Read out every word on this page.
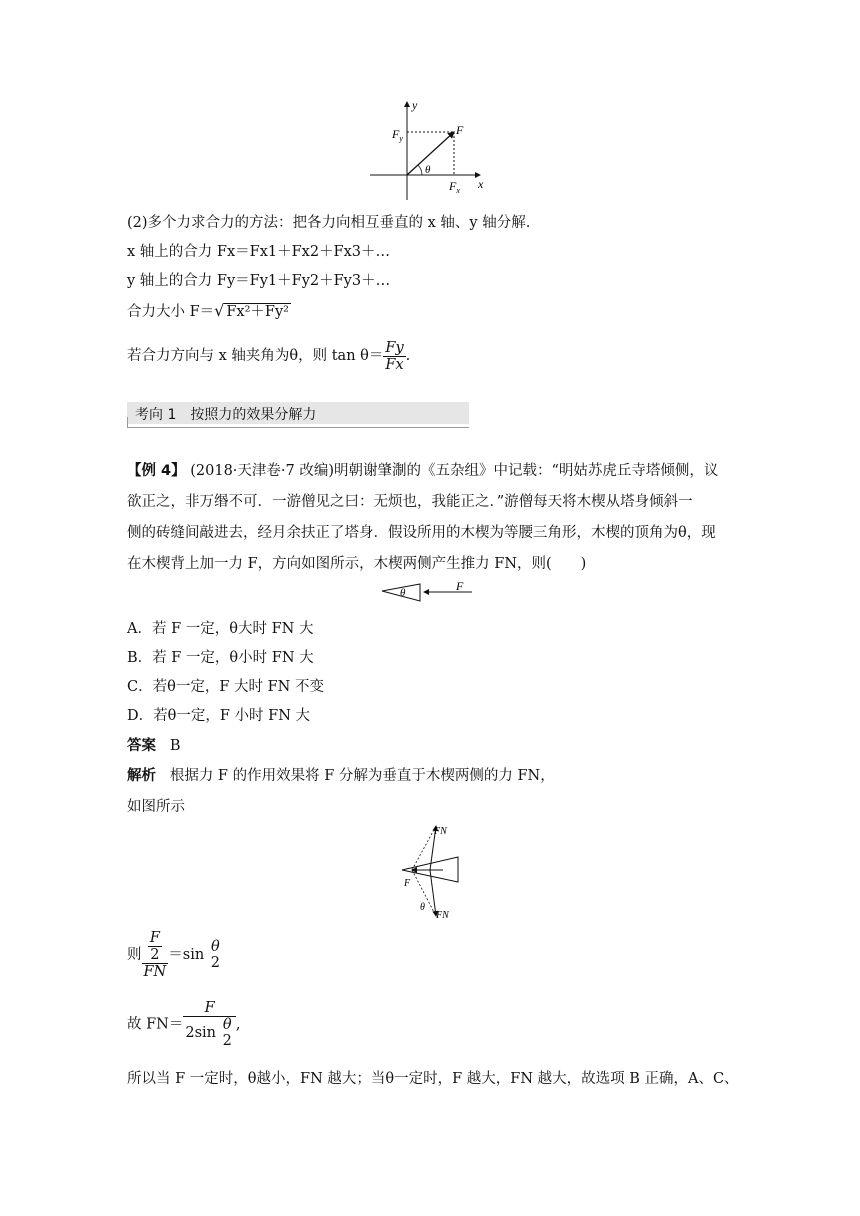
y
x
F
$F_y$
$F_x$
θ
(2)多个力求合力的方法：把各力向相互垂直的 x 轴、y 轴分解.
x 轴上的合力 Fx＝Fx1＋Fx2＋Fx3＋…
y 轴上的合力 Fy＝Fy1＋Fy2＋Fy3＋…
合力大小 F＝√ Fx²＋Fy²
若合力方向与 x 轴夹角为θ，则 $\tan \theta= \frac{Fy}{Fx}$ .
考向 1　按照力的效果分解力
【例 4】 (2018·天津卷·7 改编)明朝谢肇淛的《五杂组》中记载：“明姑苏虎丘寺塔倾侧，议
欲正之，非万缗不可．一游僧见之曰：无烦也，我能正之．”游僧每天将木楔从塔身倾斜一
侧的砖缝间敲进去，经月余扶正了塔身．假设所用的木楔为等腰三角形，木楔的顶角为θ，现
在木楔背上加一力 F，方向如图所示，木楔两侧产生推力 FN，则(　　)
θ	F
A．若 F 一定，θ大时 FN 大
B．若 F 一定，θ小时 FN 大
C．若θ一定，F 大时 FN 不变
D．若θ一定，F 小时 FN 大
答案 B
解析 根据力 F 的作用效果将 F 分解为垂直于木楔两侧的力 FN，
如图所示
FN
F
θ
FN
则 $\frac{\frac{F}{2}}{FN} =\sin$ θ
2
故 FN＝ F
2sin θ
2 ,
所以当 F 一定时，θ越小，FN 越大；当θ一定时，F 越大，FN 越大，故选项 B 正确，A、C、
